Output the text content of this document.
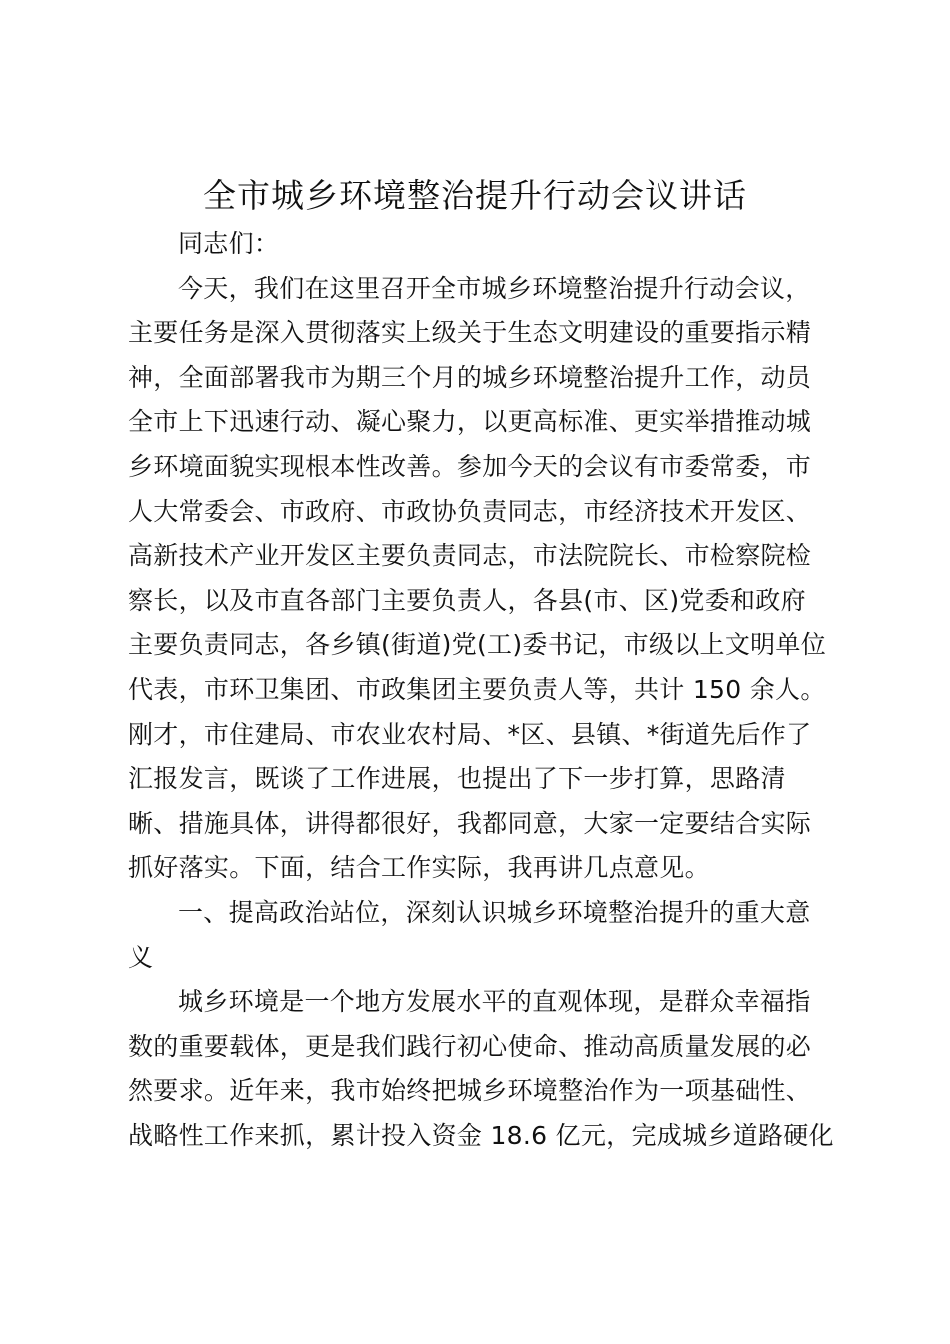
全市城乡环境整治提升行动会议讲话
同志们：
今天，我们在这里召开全市城乡环境整治提升行动会议，
主要任务是深入贯彻落实上级关于生态文明建设的重要指示精
神，全面部署我市为期三个月的城乡环境整治提升工作，动员
全市上下迅速行动、凝心聚力，以更高标准、更实举措推动城
乡环境面貌实现根本性改善。参加今天的会议有市委常委，市
人大常委会、市政府、市政协负责同志，市经济技术开发区、
高新技术产业开发区主要负责同志，市法院院长、市检察院检
察长，以及市直各部门主要负责人，各县(市、区)党委和政府
主要负责同志，各乡镇(街道)党(工)委书记，市级以上文明单位
代表，市环卫集团、市政集团主要负责人等，共计 150 余人。
刚才，市住建局、市农业农村局、*区、县镇、*街道先后作了
汇报发言，既谈了工作进展，也提出了下一步打算，思路清
晰、措施具体，讲得都很好，我都同意，大家一定要结合实际
抓好落实。下面，结合工作实际，我再讲几点意见。
一、提高政治站位，深刻认识城乡环境整治提升的重大意
义
城乡环境是一个地方发展水平的直观体现，是群众幸福指
数的重要载体，更是我们践行初心使命、推动高质量发展的必
然要求。近年来，我市始终把城乡环境整治作为一项基础性、
战略性工作来抓，累计投入资金 18.6 亿元，完成城乡道路硬化
